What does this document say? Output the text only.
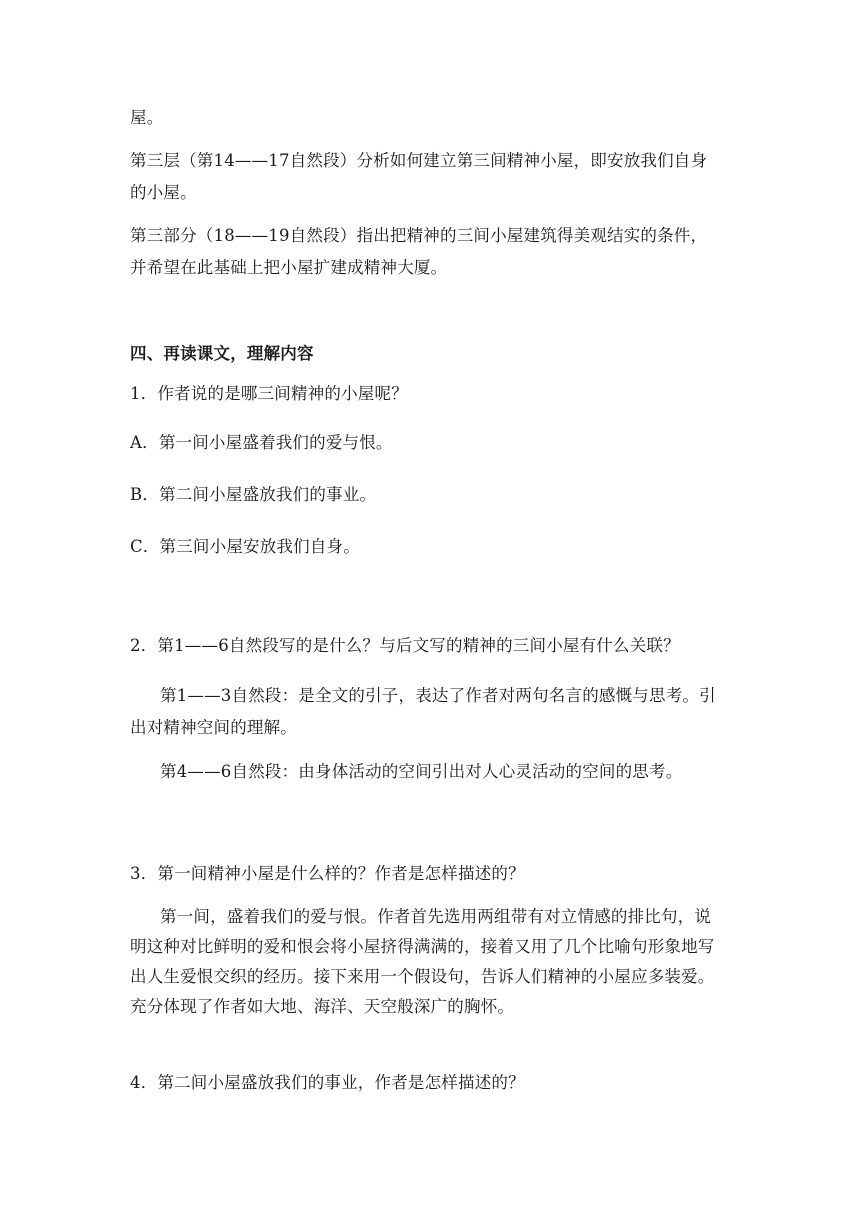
屋。
第三层（第14——17自然段）分析如何建立第三间精神小屋，即安放我们自身
的小屋。
第三部分（18——19自然段）指出把精神的三间小屋建筑得美观结实的条件，
并希望在此基础上把小屋扩建成精神大厦。
四、再读课文，理解内容
1．作者说的是哪三间精神的小屋呢？
A．第一间小屋盛着我们的爱与恨。
B．第二间小屋盛放我们的事业。
C．第三间小屋安放我们自身。
2．第1——6自然段写的是什么？与后文写的精神的三间小屋有什么关联？
第1——3自然段：是全文的引子，表达了作者对两句名言的感慨与思考。引
出对精神空间的理解。
第4——6自然段：由身体活动的空间引出对人心灵活动的空间的思考。
3．第一间精神小屋是什么样的？作者是怎样描述的？
第一间，盛着我们的爱与恨。作者首先选用两组带有对立情感的排比句，说
明这种对比鲜明的爱和恨会将小屋挤得满满的，接着又用了几个比喻句形象地写
出人生爱恨交织的经历。接下来用一个假设句，告诉人们精神的小屋应多装爱。
充分体现了作者如大地、海洋、天空般深广的胸怀。
4．第二间小屋盛放我们的事业，作者是怎样描述的？
